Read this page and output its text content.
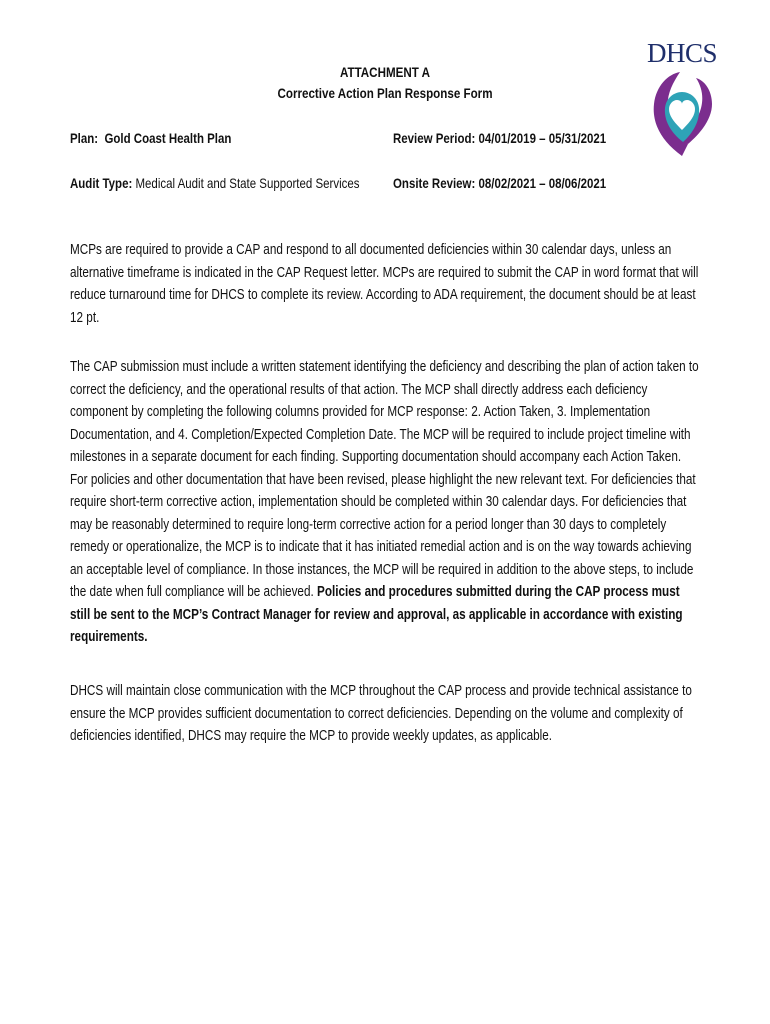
DHCS
ATTACHMENT A
Corrective Action Plan Response Form
Plan: Gold Coast Health Plan	Review Period: 04/01/2019 – 05/31/2021
Audit Type: Medical Audit and State Supported Services Onsite Review: 08/02/2021 – 08/06/2021
MCPs are required to provide a CAP and respond to all documented deficiencies within 30 calendar days, unless an
alternative timeframe is indicated in the CAP Request letter. MCPs are required to submit the CAP in word format that will
reduce turnaround time for DHCS to complete its review. According to ADA requirement, the document should be at least
12 pt.
The CAP submission must include a written statement identifying the deficiency and describing the plan of action taken to
correct the deficiency, and the operational results of that action. The MCP shall directly address each deficiency
component by completing the following columns provided for MCP response: 2. Action Taken, 3. Implementation
Documentation, and 4. Completion/Expected Completion Date. The MCP will be required to include project timeline with
milestones in a separate document for each finding. Supporting documentation should accompany each Action Taken.
For policies and other documentation that have been revised, please highlight the new relevant text. For deficiencies that
require short-term corrective action, implementation should be completed within 30 calendar days. For deficiencies that
may be reasonably determined to require long-term corrective action for a period longer than 30 days to completely
remedy or operationalize, the MCP is to indicate that it has initiated remedial action and is on the way towards achieving
an acceptable level of compliance. In those instances, the MCP will be required in addition to the above steps, to include
the date when full compliance will be achieved. Policies and procedures submitted during the CAP process must
still be sent to the MCP’s Contract Manager for review and approval, as applicable in accordance with existing
requirements.
DHCS will maintain close communication with the MCP throughout the CAP process and provide technical assistance to
ensure the MCP provides sufficient documentation to correct deficiencies. Depending on the volume and complexity of
deficiencies identified, DHCS may require the MCP to provide weekly updates, as applicable.
